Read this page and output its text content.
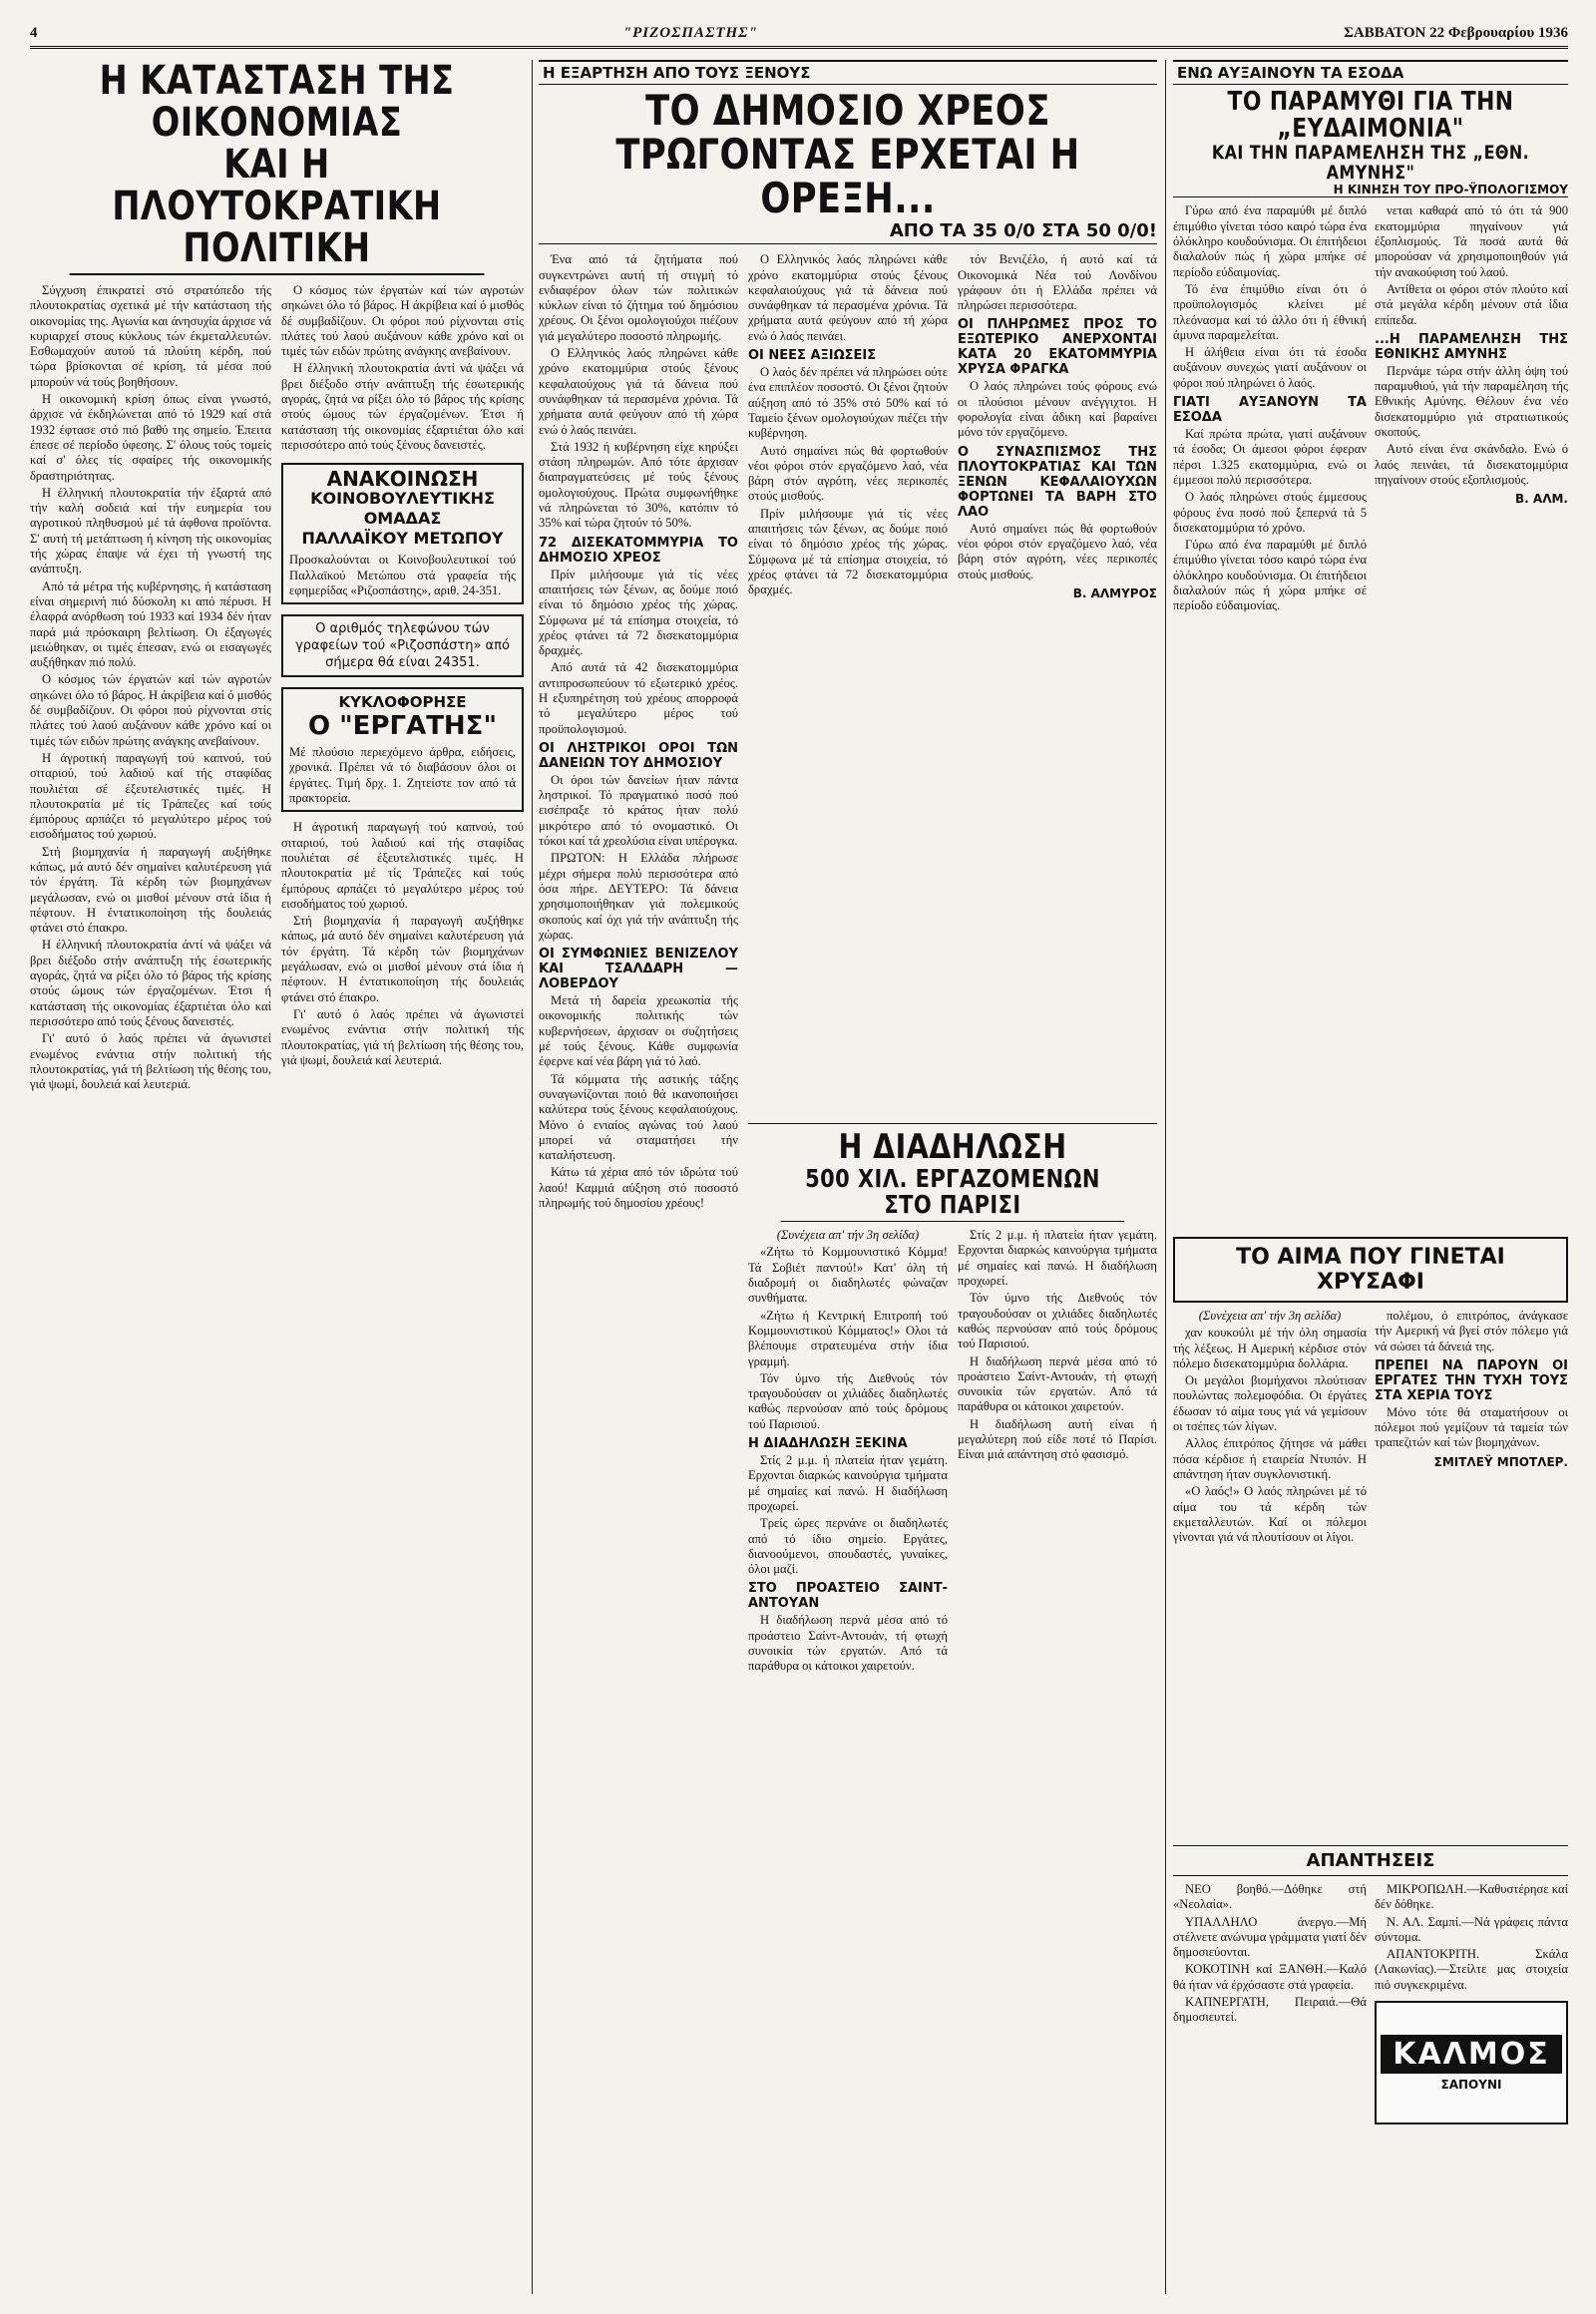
4	"ΡΙΖΟΣΠΑΣΤΗΣ"	ΣΑΒΒΑΤΟΝ 22 Φεβρουαρίου 1936
Η ΚΑΤΑΣΤΑΣΗ ΤΗΣ ΟΙΚΟΝΟΜΙΑΣ
ΚΑΙ Η ΠΛΟΥΤΟΚΡΑΤΙΚΗ ΠΟΛΙΤΙΚΗ

Σύγχυση έπικρατεί στό στρατόπεδο τής πλουτοκρατίας σχετικά μέ τήν κατάσταση τής οικονομίας της. Αγωνία και άνησυχία άρχισε νά κυριαρχεί στους κύκλους τών έκμεταλλευτών. Εσθωμαχούν αυτού τά πλούτη κέρδη, πού τώρα βρίσκονται σέ κρίση, τά μέσα πού μπορούν νά τούς βοηθήσουν.

Η οικονομική κρίση όπως είναι γνωστό, άρχισε νά έκδηλώνεται από τό 1929 καί στά 1932 έφτασε στό πιό βαθύ της σημείο. Έπειτα έπεσε σέ περίοδο ύφεσης. Σ' όλους τούς τομείς καί σ' όλες τίς σφαίρες τής οικονομικής δραστηριότητας.

Η έλληνική πλουτοκρατία τήν έξαρτά από τήν καλή σοδειά καί τήν ευημερία του αγροτικού πληθυσμού μέ τά άφθονα προϊόντα. Σ' αυτή τή μετάπτωση ή κίνηση τής οικονομίας τής χώρας έπαψε νά έχει τή γνωστή της ανάπτυξη.

Από τά μέτρα τής κυβέρνησης, ή κατάσταση είναι σημερινή πιό δύσκολη κι από πέρυσι. Η έλαφρά ανόρθωση τού 1933 καί 1934 δέν ήταν παρά μιά πρόσκαιρη βελτίωση. Οι έξαγωγές μειώθηκαν, οι τιμές έπεσαν, ενώ οι εισαγωγές αυξήθηκαν πιό πολύ.

Ο κόσμος τών έργατών καί τών αγροτών σηκώνει όλο τό βάρος. Η άκρίβεια καί ό μισθός δέ συμβαδίζουν. Οι φόροι πού ρίχνονται στίς πλάτες τού λαού αυξάνουν κάθε χρόνο καί οι τιμές τών ειδών πρώτης ανάγκης ανεβαίνουν.

Η άγροτική παραγωγή τού καπνού, τού σιταριού, τού λαδιού καί τής σταφίδας πουλιέται σέ έξευτελιστικές τιμές. Η πλουτοκρατία μέ τίς Τράπεζες καί τούς έμπόρους αρπάζει τό μεγαλύτερο μέρος τού εισοδήματος τού χωριού.

Στή βιομηχανία ή παραγωγή αυξήθηκε κάπως, μά αυτό δέν σημαίνει καλυτέρευση γιά τόν έργάτη. Τά κέρδη τών βιομηχάνων μεγάλωσαν, ενώ οι μισθοί μένουν στά ίδια ή πέφτουν. Η έντατικοποίηση τής δουλειάς φτάνει στό έπακρο.

Η έλληνική πλουτοκρατία άντί νά ψάξει νά βρει διέξοδο στήν ανάπτυξη τής έσωτερικής αγοράς, ζητά να ρίξει όλο τό βάρος τής κρίσης στούς ώμους τών έργαζομένων. Έτσι ή κατάσταση τής οικονομίας έξαρτιέται όλο καί περισσότερο από τούς ξένους δανειστές.

Γι' αυτό ό λαός πρέπει νά άγωνιστεί ενωμένος ενάντια στήν πολιτική τής πλουτοκρατίας, γιά τή βελτίωση τής θέσης του, γιά ψωμί, δουλειά καί λευτεριά.

Ο κόσμος τών έργατών καί τών αγροτών σηκώνει όλο τό βάρος. Η άκρίβεια καί ό μισθός δέ συμβαδίζουν. Οι φόροι πού ρίχνονται στίς πλάτες τού λαού αυξάνουν κάθε χρόνο καί οι τιμές τών ειδών πρώτης ανάγκης ανεβαίνουν.

Η έλληνική πλουτοκρατία άντί νά ψάξει νά βρει διέξοδο στήν ανάπτυξη τής έσωτερικής αγοράς, ζητά να ρίξει όλο τό βάρος τής κρίσης στούς ώμους τών έργαζομένων. Έτσι ή κατάσταση τής οικονομίας έξαρτιέται όλο καί περισσότερο από τούς ξένους δανειστές.

ΑΝΑΚΟΙΝΩΣΗ
ΚΟΙΝΟΒΟΥΛΕΥΤΙΚΗΣ ΟΜΑΔΑΣ
ΠΑΛΛΑΪΚΟΥ ΜΕΤΩΠΟΥ
Προσκαλούνται οι Κοινοβουλευτικοί τού Παλλαϊκού Μετώπου στά γραφεία τής εφημερίδας «Ριζοσπάστης», αριθ. 24-351.
Ο αριθμός τηλεφώνου τών γραφείων τού «Ριζοσπάστη» από σήμερα θά είναι 24351.
ΚΥΚΛΟΦΟΡΗΣΕ
Ο "ΕΡΓΑΤΗΣ"
Μέ πλούσιο περιεχόμενο άρθρα, ειδήσεις, χρονικά. Πρέπει νά τό διαβάσουν όλοι οι έργάτες. Τιμή δρχ. 1. Ζητείστε τον από τά πρακτορεία.

Η άγροτική παραγωγή τού καπνού, τού σιταριού, τού λαδιού καί τής σταφίδας πουλιέται σέ έξευτελιστικές τιμές. Η πλουτοκρατία μέ τίς Τράπεζες καί τούς έμπόρους αρπάζει τό μεγαλύτερο μέρος τού εισοδήματος τού χωριού.

Στή βιομηχανία ή παραγωγή αυξήθηκε κάπως, μά αυτό δέν σημαίνει καλυτέρευση γιά τόν έργάτη. Τά κέρδη τών βιομηχάνων μεγάλωσαν, ενώ οι μισθοί μένουν στά ίδια ή πέφτουν. Η έντατικοποίηση τής δουλειάς φτάνει στό έπακρο.

Γι' αυτό ό λαός πρέπει νά άγωνιστεί ενωμένος ενάντια στήν πολιτική τής πλουτοκρατίας, γιά τή βελτίωση τής θέσης του, γιά ψωμί, δουλειά καί λευτεριά.

Η ΕΞΑΡΤΗΣΗ ΑΠΟ ΤΟΥΣ ΞΕΝΟΥΣ
ΤΟ ΔΗΜΟΣΙΟ ΧΡΕΟΣ
ΤΡΩΓΟΝΤΑΣ ΕΡΧΕΤΑΙ Η ΟΡΕΞΗ...
ΑΠΟ ΤΑ 35 0/0 ΣΤΑ 50 0/0!

Ένα από τά ζητήματα πού συγκεντρώνει αυτή τή στιγμή τό ενδιαφέρον όλων τών πολιτικών κύκλων είναι τό ζήτημα τού δημόσιου χρέους. Οι ξένοι ομολογιούχοι πιέζουν γιά μεγαλύτερο ποσοστό πληρωμής.

Ο Ελληνικός λαός πληρώνει κάθε χρόνο εκατομμύρια στούς ξένους κεφαλαιούχους γιά τά δάνεια πού συνάφθηκαν τά περασμένα χρόνια. Τά χρήματα αυτά φεύγουν από τή χώρα ενώ ό λαός πεινάει.

Στά 1932 ή κυβέρνηση είχε κηρύξει στάση πληρωμών. Από τότε άρχισαν διαπραγματεύσεις μέ τούς ξένους ομολογιούχους. Πρώτα συμφωνήθηκε νά πληρώνεται τό 30%, κατόπιν τό 35% καί τώρα ζητούν τό 50%.

72 ΔΙΣΕΚΑΤΟΜΜΥΡΙΑ ΤΟ ΔΗΜΟΣΙΟ ΧΡΕΟΣ

Πρίν μιλήσουμε γιά τίς νέες απαιτήσεις τών ξένων, ας δούμε ποιό είναι τό δημόσιο χρέος τής χώρας. Σύμφωνα μέ τά επίσημα στοιχεία, τό χρέος φτάνει τά 72 δισεκατομμύρια δραχμές.

Από αυτά τά 42 δισεκατομμύρια αντιπροσωπεύουν τό εξωτερικό χρέος. Η εξυπηρέτηση τού χρέους απορροφά τό μεγαλύτερο μέρος τού προϋπολογισμού.

ΟΙ ΛΗΣΤΡΙΚΟΙ ΟΡΟΙ ΤΩΝ ΔΑΝΕΙΩΝ ΤΟΥ ΔΗΜΟΣΙΟΥ

Οι όροι τών δανείων ήταν πάντα ληστρικοί. Τό πραγματικό ποσό πού εισέπραξε τό κράτος ήταν πολύ μικρότερο από τό ονομαστικό. Οι τόκοι καί τά χρεολύσια είναι υπέρογκα.

ΠΡΩΤΟΝ: Η Ελλάδα πλήρωσε μέχρι σήμερα πολύ περισσότερα από όσα πήρε. ΔΕΥΤΕΡΟ: Τά δάνεια χρησιμοποιήθηκαν γιά πολεμικούς σκοπούς καί όχι γιά τήν ανάπτυξη τής χώρας.

ΟΙ ΣΥΜΦΩΝΙΕΣ ΒΕΝΙΖΕΛΟΥ ΚΑΙ ΤΣΑΛΔΑΡΗ — ΛΟΒΕΡΔΟΥ

Μετά τή δαρεία χρεωκοπία τής οικονομικής πολιτικής τών κυβερνήσεων, άρχισαν οι συζητήσεις μέ τούς ξένους. Κάθε συμφωνία έφερνε καί νέα βάρη γιά τό λαό.

Τά κόμματα τής αστικής τάξης συναγωνίζονται ποιό θά ικανοποιήσει καλύτερα τούς ξένους κεφαλαιούχους. Μόνο ό ενιαίος αγώνας τού λαού μπορεί νά σταματήσει τήν καταλήστευση.

Κάτω τά χέρια από τόν ιδρώτα τού λαού! Καμμιά αύξηση στό ποσοστό πληρωμής τού δημοσίου χρέους!

Ο Ελληνικός λαός πληρώνει κάθε χρόνο εκατομμύρια στούς ξένους κεφαλαιούχους γιά τά δάνεια πού συνάφθηκαν τά περασμένα χρόνια. Τά χρήματα αυτά φεύγουν από τή χώρα ενώ ό λαός πεινάει.

ΟΙ ΝΕΕΣ ΑΞΙΩΣΕΙΣ

Ο λαός δέν πρέπει νά πληρώσει ούτε ένα επιπλέον ποσοστό. Οι ξένοι ζητούν αύξηση από τό 35% στό 50% καί τό Ταμείο ξένων ομολογιούχων πιέζει τήν κυβέρνηση.

Αυτό σημαίνει πώς θά φορτωθούν νέοι φόροι στόν εργαζόμενο λαό, νέα βάρη στόν αγρότη, νέες περικοπές στούς μισθούς.

Πρίν μιλήσουμε γιά τίς νέες απαιτήσεις τών ξένων, ας δούμε ποιό είναι τό δημόσιο χρέος τής χώρας. Σύμφωνα μέ τά επίσημα στοιχεία, τό χρέος φτάνει τά 72 δισεκατομμύρια δραχμές.

τόν Βενιζέλο, ή αυτό καί τά Οικονομικά Νέα τού Λονδίνου γράφουν ότι ή Ελλάδα πρέπει νά πληρώσει περισσότερα.

ΟΙ ΠΛΗΡΩΜΕΣ ΠΡΟΣ ΤΟ ΕΞΩΤΕΡΙΚΟ ΑΝΕΡΧΟΝΤΑΙ ΚΑΤΑ 20 ΕΚΑΤΟΜΜΥΡΙΑ ΧΡΥΣΑ ΦΡΑΓΚΑ

Ο λαός πληρώνει τούς φόρους ενώ οι πλούσιοι μένουν ανέγγιχτοι. Η φορολογία είναι άδικη καί βαραίνει μόνο τόν εργαζόμενο.

Ο ΣΥΝΑΣΠΙΣΜΟΣ ΤΗΣ ΠΛΟΥΤΟΚΡΑΤΙΑΣ ΚΑΙ ΤΩΝ ΞΕΝΩΝ ΚΕΦΑΛΑΙΟΥΧΩΝ ΦΟΡΤΩΝΕΙ ΤΑ ΒΑΡΗ ΣΤΟ ΛΑΟ

Αυτό σημαίνει πώς θά φορτωθούν νέοι φόροι στόν εργαζόμενο λαό, νέα βάρη στόν αγρότη, νέες περικοπές στούς μισθούς.

Β. ΑΛΜΥΡΟΣ
Η ΔΙΑΔΗΛΩΣΗ
500 ΧΙΛ. ΕΡΓΑΖΟΜΕΝΩΝ ΣΤΟ ΠΑΡΙΣΙ

(Συνέχεια απ' τήν 3η σελίδα)

«Ζήτω τό Κομμουνιστικό Κόμμα! Τά Σοβιέτ παντού!» Κατ' όλη τή διαδρομή οι διαδηλωτές φώναζαν συνθήματα.

«Ζήτω ή Κεντρική Επιτροπή τού Κομμουνιστικού Κόμματος!» Ολοι τά βλέπουμε στρατευμένα στήν ίδια γραμμή.

Τόν ύμνο τής Διεθνούς τόν τραγουδούσαν οι χιλιάδες διαδηλωτές καθώς περνούσαν από τούς δρόμους τού Παρισιού.

Η ΔΙΑΔΗΛΩΣΗ ΞΕΚΙΝΑ

Στίς 2 μ.μ. ή πλατεία ήταν γεμάτη. Ερχονται διαρκώς καινούργια τμήματα μέ σημαίες καί πανώ. Η διαδήλωση προχωρεί.

Τρείς ώρες περνάνε οι διαδηλωτές από τό ίδιο σημείο. Εργάτες, διανοούμενοι, σπουδαστές, γυναίκες, όλοι μαζί.

ΣΤΟ ΠΡΟΑΣΤΕΙΟ ΣΑΙΝΤ-ΑΝΤΟΥΑΝ

Η διαδήλωση περνά μέσα από τό προάστειο Σαίντ-Αντουάν, τή φτωχή συνοικία τών εργατών. Από τά παράθυρα οι κάτοικοι χαιρετούν.

Στίς 2 μ.μ. ή πλατεία ήταν γεμάτη. Ερχονται διαρκώς καινούργια τμήματα μέ σημαίες καί πανώ. Η διαδήλωση προχωρεί.

Τόν ύμνο τής Διεθνούς τόν τραγουδούσαν οι χιλιάδες διαδηλωτές καθώς περνούσαν από τούς δρόμους τού Παρισιού.

Η διαδήλωση περνά μέσα από τό προάστειο Σαίντ-Αντουάν, τή φτωχή συνοικία τών εργατών. Από τά παράθυρα οι κάτοικοι χαιρετούν.

Η διαδήλωση αυτή είναι ή μεγαλύτερη πού είδε ποτέ τό Παρίσι. Είναι μιά απάντηση στό φασισμό.

ΕΝΩ ΑΥΞΑΙΝΟΥΝ ΤΑ ΕΣΟΔΑ
ΤΟ ΠΑΡΑΜΥΘΙ ΓΙΑ ΤΗΝ „ΕΥΔΑΙΜΟΝΙΑ"
ΚΑΙ ΤΗΝ ΠΑΡΑΜΕΛΗΣΗ ΤΗΣ „ΕΘΝ. ΑΜΥΝΗΣ"
Η ΚΙΝΗΣΗ ΤΟΥ ΠΡΟ-ΫΠΟΛΟΓΙΣΜΟΥ

Γύρω από ένα παραμύθι μέ διπλό έπιμύθιο γίνεται τόσο καιρό τώρα ένα όλόκληρο κουδούνισμα. Οι έπιτήδειοι διαλαλούν πώς ή χώρα μπήκε σέ περίοδο εύδαιμονίας.

Τό ένα έπιμύθιο είναι ότι ό προϋπολογισμός κλείνει μέ πλεόνασμα καί τό άλλο ότι ή έθνική άμυνα παραμελείται.

Η άλήθεια είναι ότι τά έσοδα αυξάνουν συνεχώς γιατί αυξάνουν οι φόροι πού πληρώνει ό λαός.

ΓΙΑΤΙ ΑΥΞΑΝΟΥΝ ΤΑ ΕΣΟΔΑ

Καί πρώτα πρώτα, γιατί αυξάνουν τά έσοδα; Οι άμεσοι φόροι έφεραν πέρσι 1.325 εκατομμύρια, ενώ οι έμμεσοι πολύ περισσότερα.

Ο λαός πληρώνει στούς έμμεσους φόρους ένα ποσό πού ξεπερνά τά 5 δισεκατομμύρια τό χρόνο.

Γύρω από ένα παραμύθι μέ διπλό έπιμύθιο γίνεται τόσο καιρό τώρα ένα όλόκληρο κουδούνισμα. Οι έπιτήδειοι διαλαλούν πώς ή χώρα μπήκε σέ περίοδο εύδαιμονίας.

νεται καθαρά από τό ότι τά 900 εκατομμύρια πηγαίνουν γιά έξοπλισμούς. Τά ποσά αυτά θά μπορούσαν νά χρησιμοποιηθούν γιά τήν ανακούφιση τού λαού.

Αντίθετα οι φόροι στόν πλούτο καί στά μεγάλα κέρδη μένουν στά ίδια επίπεδα.

...Η ΠΑΡΑΜΕΛΗΣΗ ΤΗΣ ΕΘΝΙΚΗΣ ΑΜΥΝΗΣ

Περνάμε τώρα στήν άλλη όψη τού παραμυθιού, γιά τήν παραμέληση τής Εθνικής Αμύνης. Θέλουν ένα νέο δισεκατομμύριο γιά στρατιωτικούς σκοπούς.

Αυτό είναι ένα σκάνδαλο. Ενώ ό λαός πεινάει, τά δισεκατομμύρια πηγαίνουν στούς εξοπλισμούς.

Β. ΑΛΜ.
ΤΟ ΑΙΜΑ ΠΟΥ ΓΙΝΕΤΑΙ ΧΡΥΣΑΦΙ

(Συνέχεια απ' τήν 3η σελίδα)

χαν κουκούλι μέ τήν όλη σημασία τής λέξεως. Η Αμερική κέρδισε στόν πόλεμο δισεκατομμύρια δολλάρια.

Οι μεγάλοι βιομήχανοι πλούτισαν πουλώντας πολεμοφόδια. Οι έργάτες έδωσαν τό αίμα τους γιά νά γεμίσουν οι τσέπες τών λίγων.

Αλλος έπιτρόπος ζήτησε νά μάθει πόσα κέρδισε ή εταιρεία Ντυπόν. Η απάντηση ήταν συγκλονιστική.

«Ο λαός!» Ο λαός πληρώνει μέ τό αίμα του τά κέρδη τών εκμεταλλευτών. Καί οι πόλεμοι γίνονται γιά νά πλουτίσουν οι λίγοι.

πολέμου, ό επιτρόπος, άνάγκασε τήν Αμερική νά βγεί στόν πόλεμο γιά νά σώσει τά δάνειά της.

ΠΡΕΠΕΙ ΝΑ ΠΑΡΟΥΝ ΟΙ ΕΡΓΑΤΕΣ ΤΗΝ ΤΥΧΗ ΤΟΥΣ ΣΤΑ ΧΕΡΙΑ ΤΟΥΣ

Μόνο τότε θά σταματήσουν οι πόλεμοι πού γεμίζουν τά ταμεία τών τραπεζιτών καί τών βιομηχάνων.

ΣΜΙΤΛΕΫ ΜΠΟΤΛΕΡ.
ΑΠΑΝΤΗΣΕΙΣ

ΝΕΟ βοηθό.—Δόθηκε στή «Νεολαία».

ΥΠΑΛΛΗΛΟ άνεργο.—Μή στέλνετε ανώνυμα γράμματα γιατί δέν δημοσιεύονται.

ΚΟΚΟΤΙΝΗ καί ΞΑΝΘΗ.—Καλό θά ήταν νά έρχόσαστε στά γραφεία.

ΚΑΠΝΕΡΓΑΤΗ, Πειραιά.—Θά δημοσιευτεί.

ΜΙΚΡΟΠΩΛΗ.—Καθυστέρησε καί δέν δόθηκε.

Ν. ΑΛ. Σαμπί.—Νά γράφεις πάντα σύντομα.

ΑΠΑΝΤΟΚΡΙΤΗ. Σκάλα (Λακωνίας).—Στείλτε μας στοιχεία πιό συγκεκριμένα.

ΚΑΛΜΟΣ
ΣΑΠΟΥΝΙ
